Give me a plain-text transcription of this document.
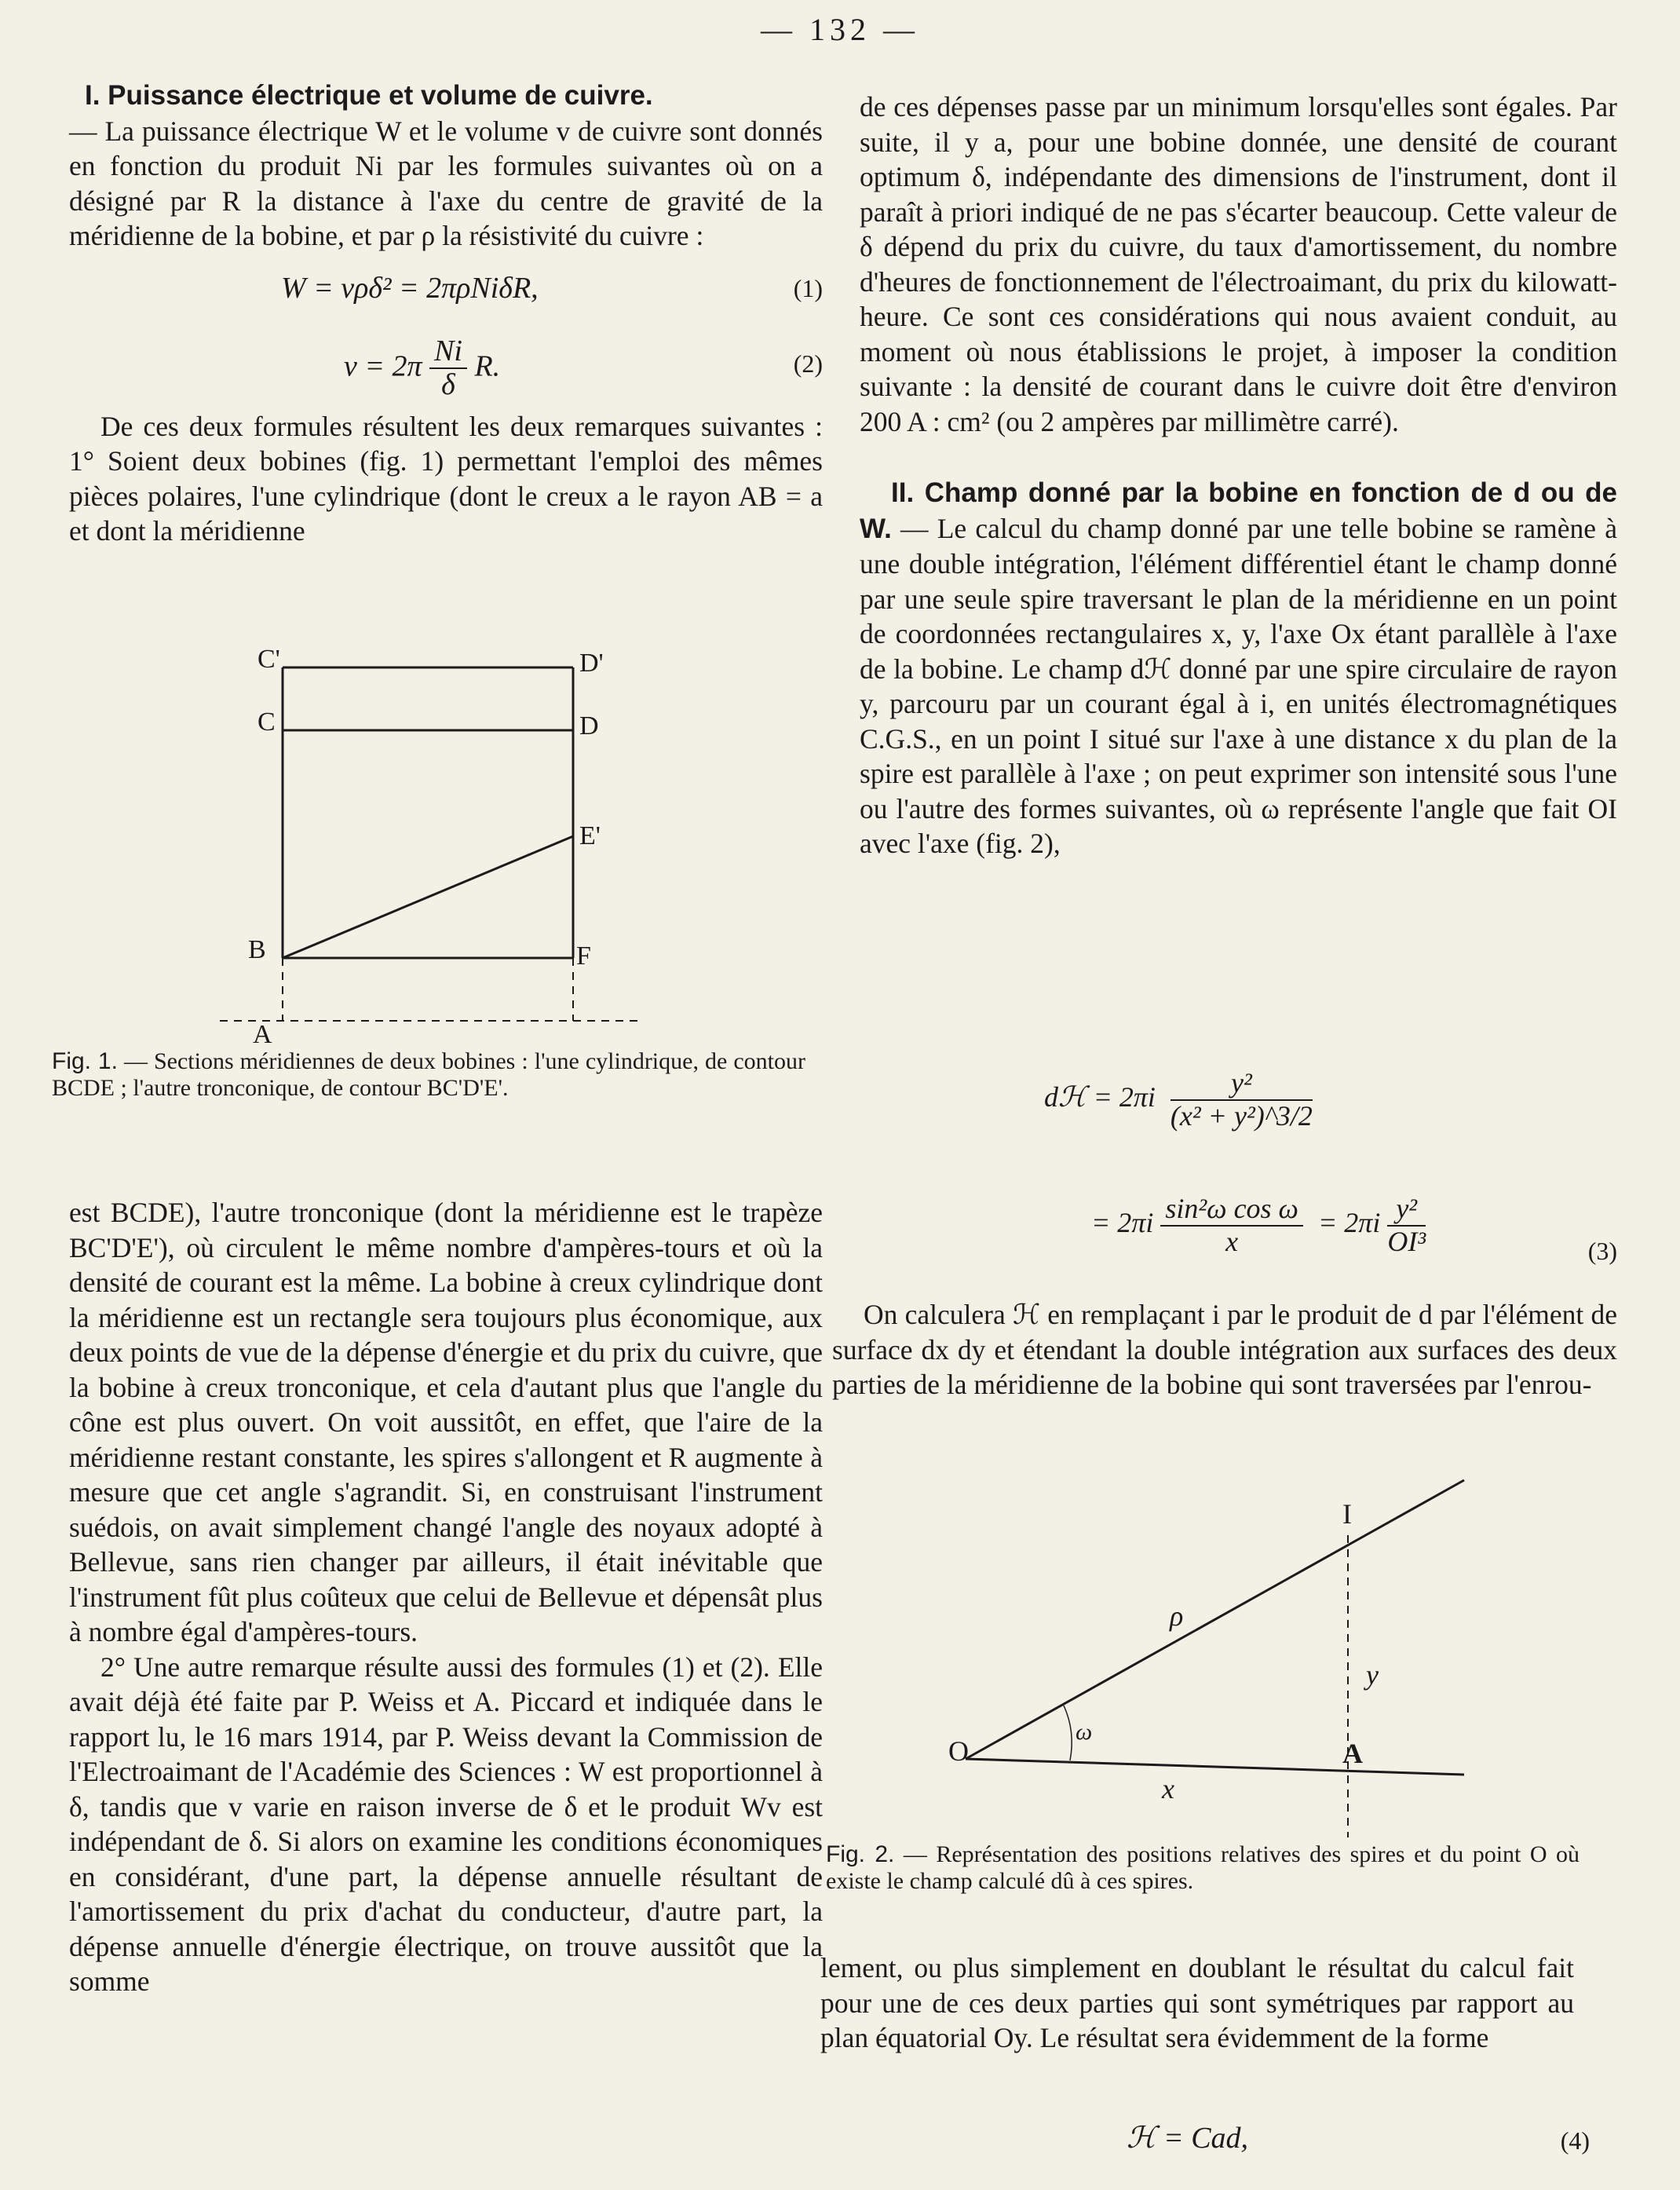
— 132 —

I. Puissance électrique et volume de cuivre.

— La puissance électrique W et le volume v de cuivre sont donnés en fonction du produit Ni par les formules suivantes où on a désigné par R la distance à l'axe du centre de gravité de la méridienne de la bobine, et par ρ la résistivité du cuivre :

W = vρδ² = 2πρNiδR,	(1)
$v = 2\pi \frac{Ni}{\delta} R$.	(2)

De ces deux formules résultent les deux remarques suivantes : 1° Soient deux bobines (fig. 1) permettant l'emploi des mêmes pièces polaires, l'une cylindrique (dont le creux a le rayon AB = a et dont la méridienne

C'	D'
C	D
E'
B	F
A
Fig. 1. — Sections méridiennes de deux bobines : l'une cylindrique, de contour BCDE ; l'autre tronconique, de contour BC'D'E'.

est BCDE), l'autre tronconique (dont la méridienne est le trapèze BC'D'E'), où circulent le même nombre d'ampères-tours et où la densité de courant est la même. La bobine à creux cylindrique dont la méridienne est un rectangle sera toujours plus économique, aux deux points de vue de la dépense d'énergie et du prix du cuivre, que la bobine à creux tronconique, et cela d'autant plus que l'angle du cône est plus ouvert. On voit aussitôt, en effet, que l'aire de la méridienne restant constante, les spires s'allongent et R augmente à mesure que cet angle s'agrandit. Si, en construisant l'instrument suédois, on avait simplement changé l'angle des noyaux adopté à Bellevue, sans rien changer par ailleurs, il était inévitable que l'instrument fût plus coûteux que celui de Bellevue et dépensât plus à nombre égal d'ampères-tours.

2° Une autre remarque résulte aussi des formules (1) et (2). Elle avait déjà été faite par P. Weiss et A. Piccard et indiquée dans le rapport lu, le 16 mars 1914, par P. Weiss devant la Commission de l'Electroaimant de l'Académie des Sciences : W est proportionnel à δ, tandis que v varie en raison inverse de δ et le produit Wv est indépendant de δ. Si alors on examine les conditions économiques en considérant, d'une part, la dépense annuelle résultant de l'amortissement du prix d'achat du conducteur, d'autre part, la dépense annuelle d'énergie électrique, on trouve aussitôt que la somme

de ces dépenses passe par un minimum lorsqu'elles sont égales. Par suite, il y a, pour une bobine donnée, une densité de courant optimum δ, indépendante des dimensions de l'instrument, dont il paraît à priori indiqué de ne pas s'écarter beaucoup. Cette valeur de δ dépend du prix du cuivre, du taux d'amortissement, du nombre d'heures de fonctionnement de l'électroaimant, du prix du kilowatt-heure. Ce sont ces considérations qui nous avaient conduit, au moment où nous établissions le projet, à imposer la condition suivante : la densité de courant dans le cuivre doit être d'environ 200 A : cm² (ou 2 ampères par millimètre carré).

II. Champ donné par la bobine en fonction de d ou de W. — Le calcul du champ donné par une telle bobine se ramène à une double intégration, l'élément différentiel étant le champ donné par une seule spire traversant le plan de la méridienne en un point de coordonnées rectangulaires x, y, l'axe Ox étant parallèle à l'axe de la bobine. Le champ dℋ donné par une spire circulaire de rayon y, parcouru par un courant égal à i, en unités électromagnétiques C.G.S., en un point I situé sur l'axe à une distance x du plan de la spire est parallèle à l'axe ; on peut exprimer son intensité sous l'une ou l'autre des formes suivantes, où ω représente l'angle que fait OI avec l'axe (fig. 2),

dℋ = $2\pi i \frac{\text{y²}}{\text{(x² + y²)\textasciicircum{}3/2}}$
= $2\pi i \frac{\text{sin²ω cos ω}}{x} = 2\pi i \frac{\text{y²}}{\text{OI³}}$	(3)

On calculera ℋ en remplaçant i par le produit de d par l'élément de surface dx dy et étendant la double intégration aux surfaces des deux parties de la méridienne de la bobine qui sont traversées par l'enrou-

I
ρ
y
ω
O	A
x
Fig. 2. — Représentation des positions relatives des spires et du point O où existe le champ calculé dû à ces spires.

lement, ou plus simplement en doublant le résultat du calcul fait pour une de ces deux parties qui sont symétriques par rapport au plan équatorial Oy. Le résultat sera évidemment de la forme

ℋ = Cad,	(4)
